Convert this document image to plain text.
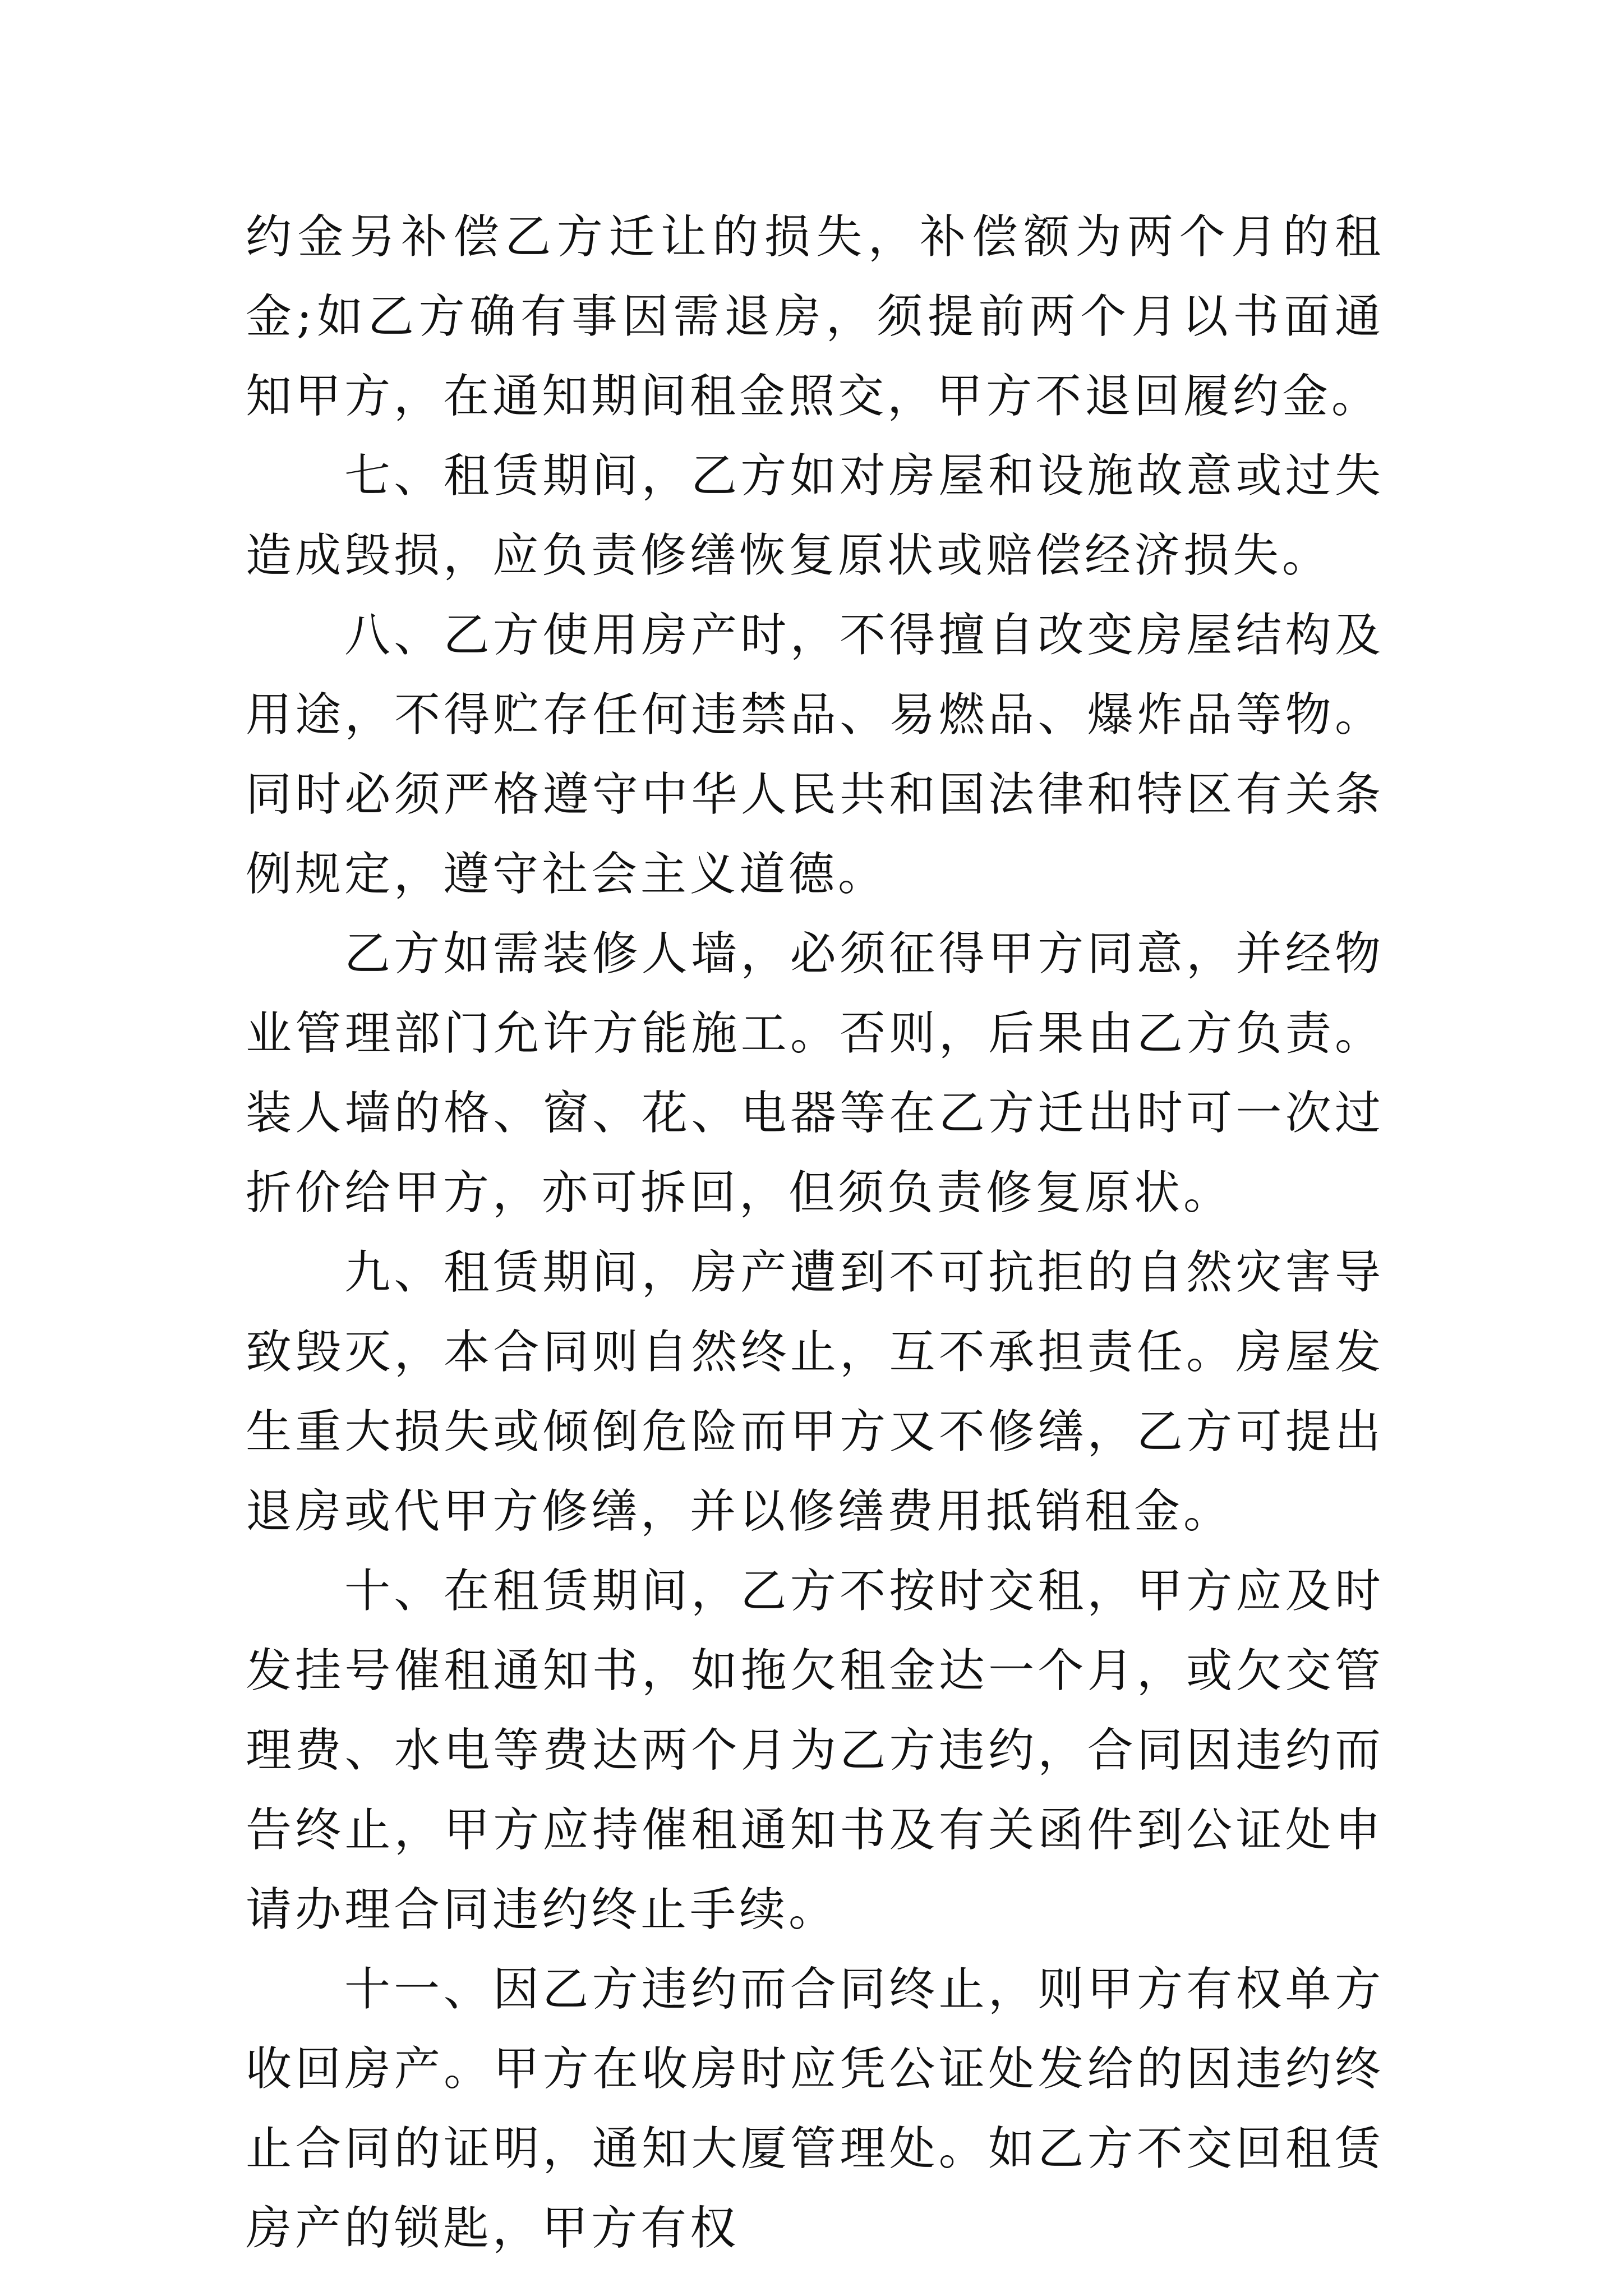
约金另补偿乙方迁让的损失，补偿额为两个月的租金;如乙方确有事因需退房，须提前两个月以书面通知甲方，在通知期间租金照交，甲方不退回履约金。

七、租赁期间，乙方如对房屋和设施故意或过失造成毁损，应负责修缮恢复原状或赔偿经济损失。

八、乙方使用房产时，不得擅自改变房屋结构及用途，不得贮存任何违禁品、易燃品、爆炸品等物。同时必须严格遵守中华人民共和国法律和特区有关条例规定，遵守社会主义道德。

乙方如需装修人墙，必须征得甲方同意，并经物业管理部门允许方能施工。否则，后果由乙方负责。装人墙的格、窗、花、电器等在乙方迁出时可一次过折价给甲方，亦可拆回，但须负责修复原状。

九、租赁期间，房产遭到不可抗拒的自然灾害导致毁灭，本合同则自然终止，互不承担责任。房屋发生重大损失或倾倒危险而甲方又不修缮，乙方可提出退房或代甲方修缮，并以修缮费用抵销租金。

十、在租赁期间，乙方不按时交租，甲方应及时发挂号催租通知书，如拖欠租金达一个月，或欠交管理费、水电等费达两个月为乙方违约，合同因违约而告终止，甲方应持催租通知书及有关函件到公证处申请办理合同违约终止手续。

十一、因乙方违约而合同终止，则甲方有权单方收回房产。甲方在收房时应凭公证处发给的因违约终止合同的证明，通知大厦管理处。如乙方不交回租赁房产的锁匙，甲方有权
